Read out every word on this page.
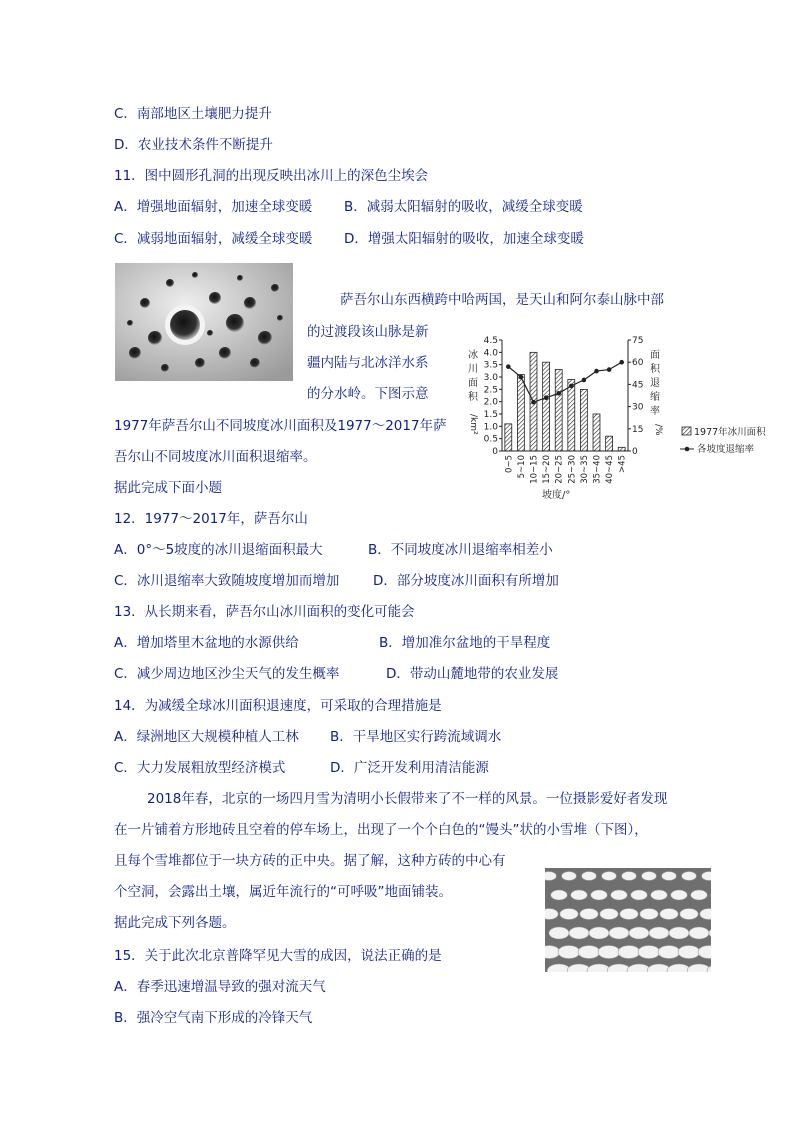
C．南部地区土壤肥力提升
D．农业技术条件不断提升
11．图中圆形孔洞的出现反映出冰川上的深色尘埃会
A．增强地面辐射，加速全球变暖 B．减弱太阳辐射的吸收，减缓全球变暖
C．减弱地面辐射，减缓全球变暖 D．增强太阳辐射的吸收，加速全球变暖
萨吾尔山东西横跨中哈两国，是天山和阿尔泰山脉中部
的过渡段该山脉是新
疆内陆与北冰洋水系
的分水岭。下图示意
1977年萨吾尔山不同坡度冰川面积及1977～2017年萨
吾尔山不同坡度冰川面积退缩率。
据此完成下面小题
0
0.5
1.0
1.5
2.0
2.5
3.0
3.5
4.0
4.5
0
15
30
45
60
75
0~5 5~10 10~15 15~20 20~25 25~30 30~35 35~40 40~45 >45
冰
川
面
积
/km²
面
积
退
缩
率
/%
坡度/°
1977年冰川面积
各坡度退缩率
12．1977～2017年，萨吾尔山
A．0°～5坡度的冰川退缩面积最大	B．不同坡度冰川退缩率相差小
C．冰川退缩率大致随坡度增加而增加 D．部分坡度冰川面积有所增加
13．从长期来看，萨吾尔山冰川面积的变化可能会
A．增加塔里木盆地的水源供给	B．增加准尔盆地的干旱程度
C．减少周边地区沙尘天气的发生概率	D．带动山麓地带的农业发展
14．为减缓全球冰川面积退速度，可采取的合理措施是
A．绿洲地区大规模种植人工林 B．干旱地区实行跨流域调水
C．大力发展粗放型经济模式	D．广泛开发利用清洁能源
2018年春，北京的一场四月雪为清明小长假带来了不一样的风景。一位摄影爱好者发现
在一片铺着方形地砖且空着的停车场上，出现了一个个白色的“馒头”状的小雪堆（下图），
且每个雪堆都位于一块方砖的正中央。据了解，这种方砖的中心有
个空洞，会露出土壤，属近年流行的“可呼吸”地面铺装。
据此完成下列各题。
15．关于此次北京普降罕见大雪的成因，说法正确的是
A．春季迅速增温导致的强对流天气
B．强冷空气南下形成的冷锋天气
